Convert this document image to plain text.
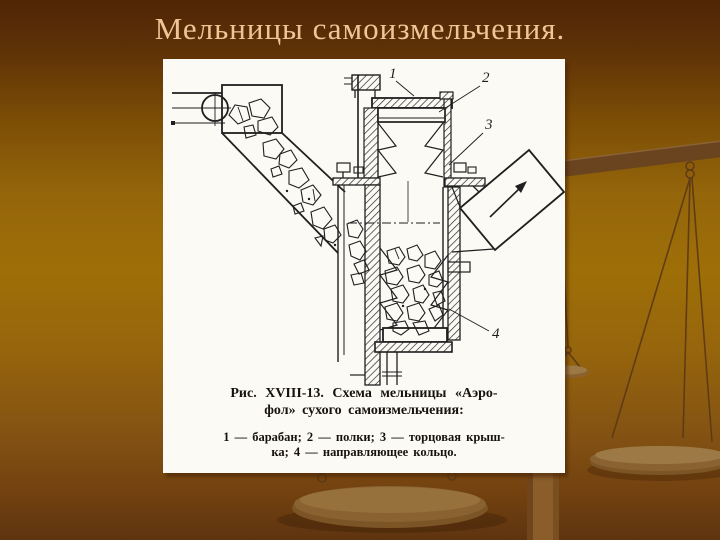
Мельницы самоизмельчения.
1	2
3
4
Рис. XVIII-13. Схема мельницы «Аэро-
фол» сухого самоизмельчения:
1 — барабан; 2 — полки; 3 — торцовая крыш-
ка; 4 — направляющее кольцо.
